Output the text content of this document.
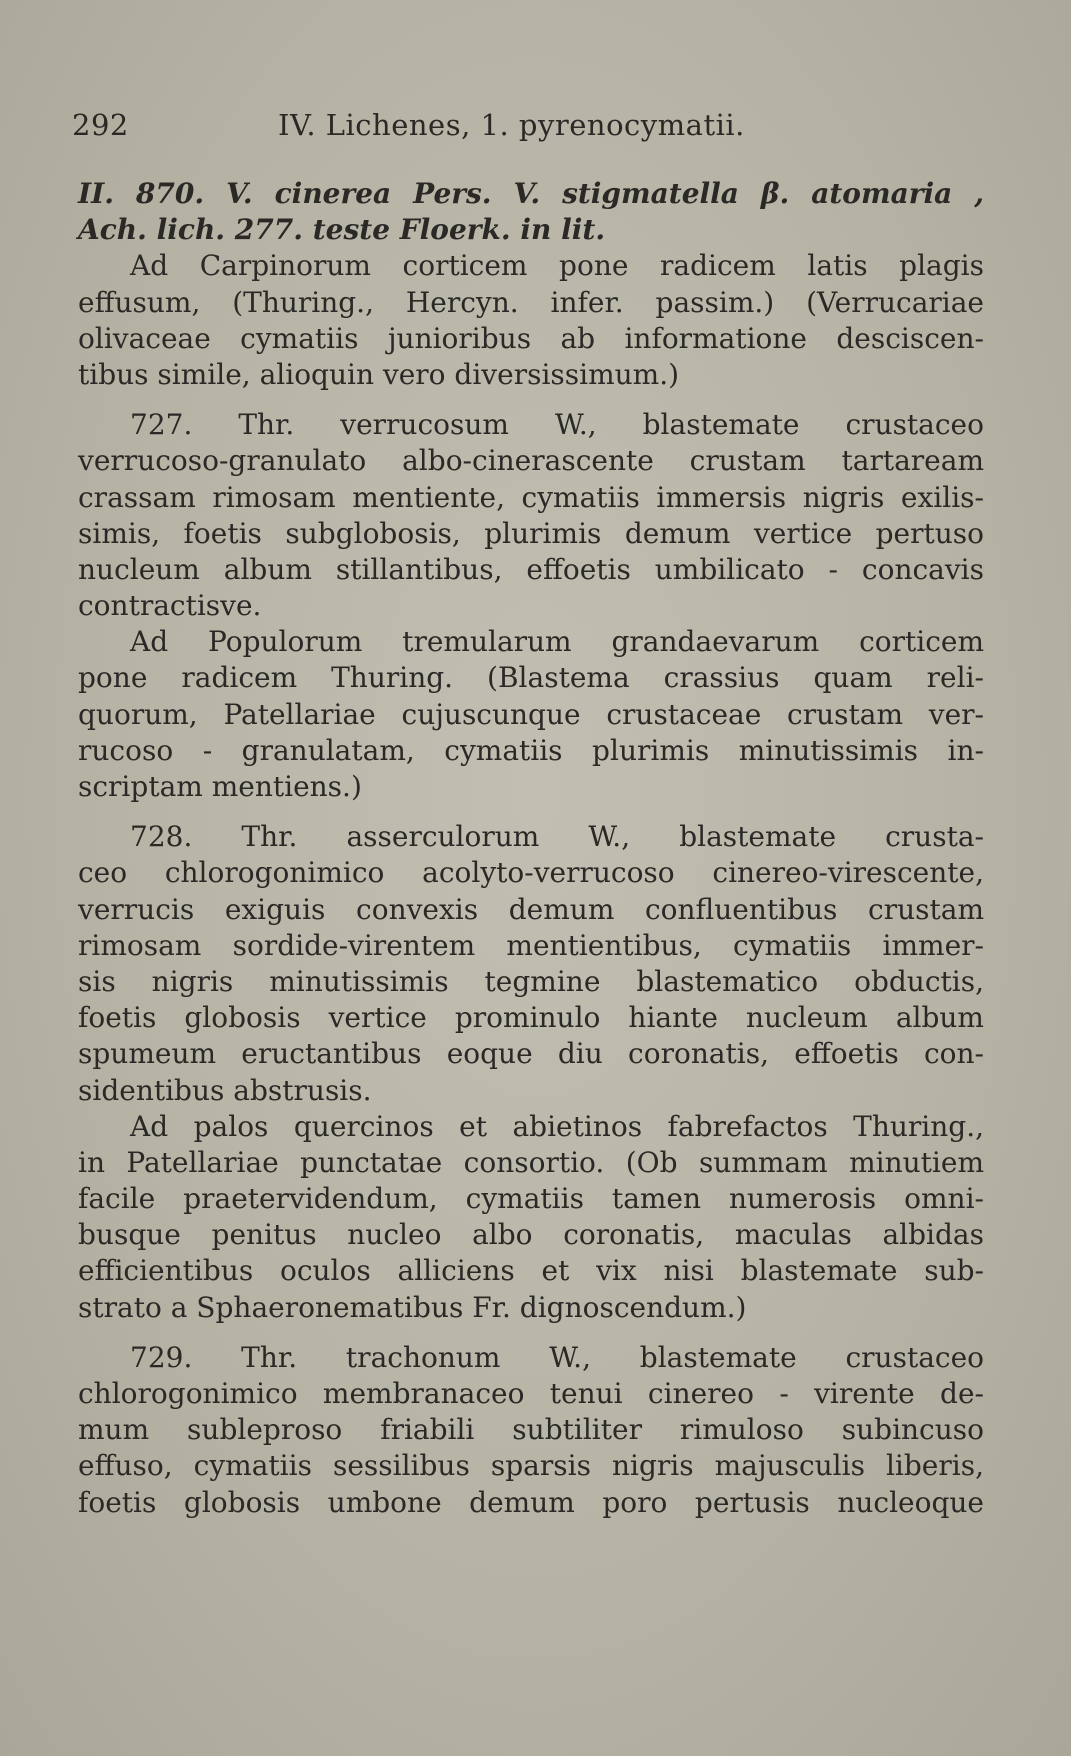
292	IV. Lichenes, 1. pyrenocymatii.
II. 870. V. cinerea Pers. V. stigmatella β. atomaria ,
Ach. lich. 277. teste Floerk. in lit.
Ad Carpinorum corticem pone radicem latis plagis
effusum, (Thuring., Hercyn. infer. passim.) (Verrucariae
olivaceae cymatiis junioribus ab informatione desciscen-
tibus simile, alioquin vero diversissimum.)
727. Thr. verrucosum W., blastemate crustaceo
verrucoso-granulato albo-cinerascente crustam tartaream
crassam rimosam mentiente, cymatiis immersis nigris exilis-
simis, foetis subglobosis, plurimis demum vertice pertuso
nucleum album stillantibus, effoetis umbilicato - concavis
contractisve.
Ad Populorum tremularum grandaevarum corticem
pone radicem Thuring. (Blastema crassius quam reli-
quorum, Patellariae cujuscunque crustaceae crustam ver-
rucoso - granulatam, cymatiis plurimis minutissimis in-
scriptam mentiens.)
728. Thr. asserculorum W., blastemate crusta-
ceo chlorogonimico acolyto-verrucoso cinereo-virescente,
verrucis exiguis convexis demum confluentibus crustam
rimosam sordide-virentem mentientibus, cymatiis immer-
sis nigris minutissimis tegmine blastematico obductis,
foetis globosis vertice prominulo hiante nucleum album
spumeum eructantibus eoque diu coronatis, effoetis con-
sidentibus abstrusis.
Ad palos quercinos et abietinos fabrefactos Thuring.,
in Patellariae punctatae consortio. (Ob summam minutiem
facile praetervidendum, cymatiis tamen numerosis omni-
busque penitus nucleo albo coronatis, maculas albidas
efficientibus oculos alliciens et vix nisi blastemate sub-
strato a Sphaeronematibus Fr. dignoscendum.)
729. Thr. trachonum W., blastemate crustaceo
chlorogonimico membranaceo tenui cinereo - virente de-
mum subleproso friabili subtiliter rimuloso subincuso
effuso, cymatiis sessilibus sparsis nigris majusculis liberis,
foetis globosis umbone demum poro pertusis nucleoque
